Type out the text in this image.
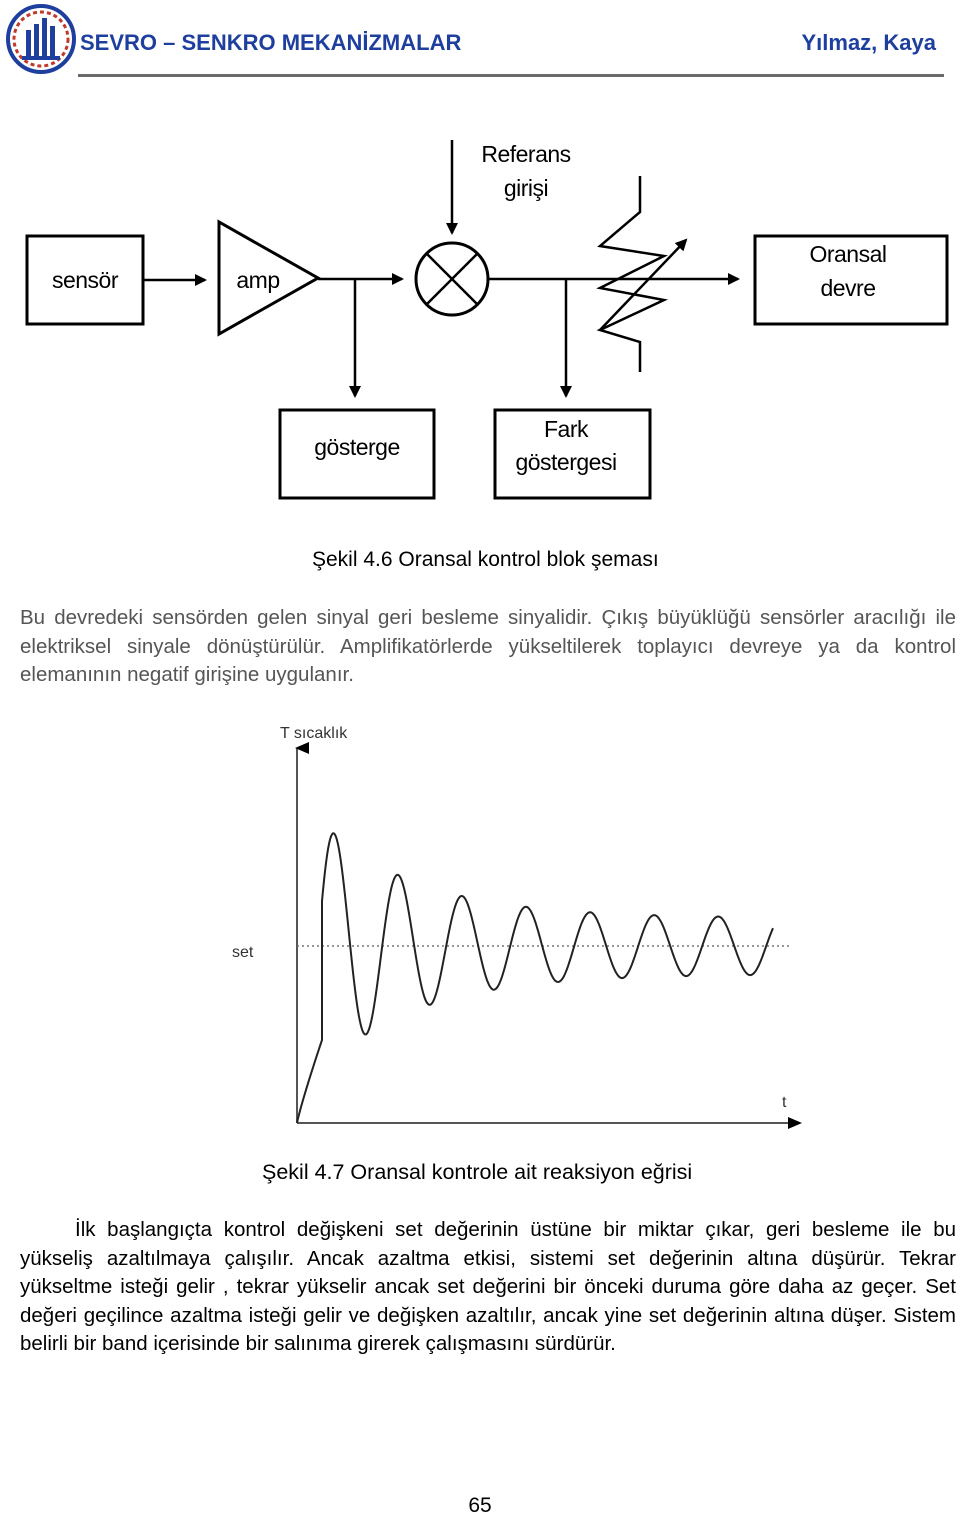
SEVRO – SENKRO MEKANİZMALAR	Yılmaz, Kaya
sensör	amp
Referans
girişi
Oransal
devre
gösterge
Fark
göstergesi
Şekil 4.6 Oransal kontrol blok şeması
Bu devredeki sensörden gelen sinyal geri besleme sinyalidir. Çıkış büyüklüğü sensörler aracılığı ile elektriksel sinyale dönüştürülür. Amplifikatörlerde yükseltilerek toplayıcı devreye ya da kontrol elemanının negatif girişine uygulanır.
T sıcaklık
t
set
Şekil 4.7 Oransal kontrole ait reaksiyon eğrisi
İlk başlangıçta kontrol değişkeni set değerinin üstüne bir miktar çıkar, geri besleme ile bu yükseliş azaltılmaya çalışılır. Ancak azaltma etkisi, sistemi set değerinin altına düşürür. Tekrar yükseltme isteği gelir , tekrar yükselir ancak set değerini bir önceki duruma göre daha az geçer. Set değeri geçilince azaltma isteği gelir ve değişken azaltılır, ancak yine set değerinin altına düşer. Sistem belirli bir band içerisinde bir salınıma girerek çalışmasını sürdürür.
65
